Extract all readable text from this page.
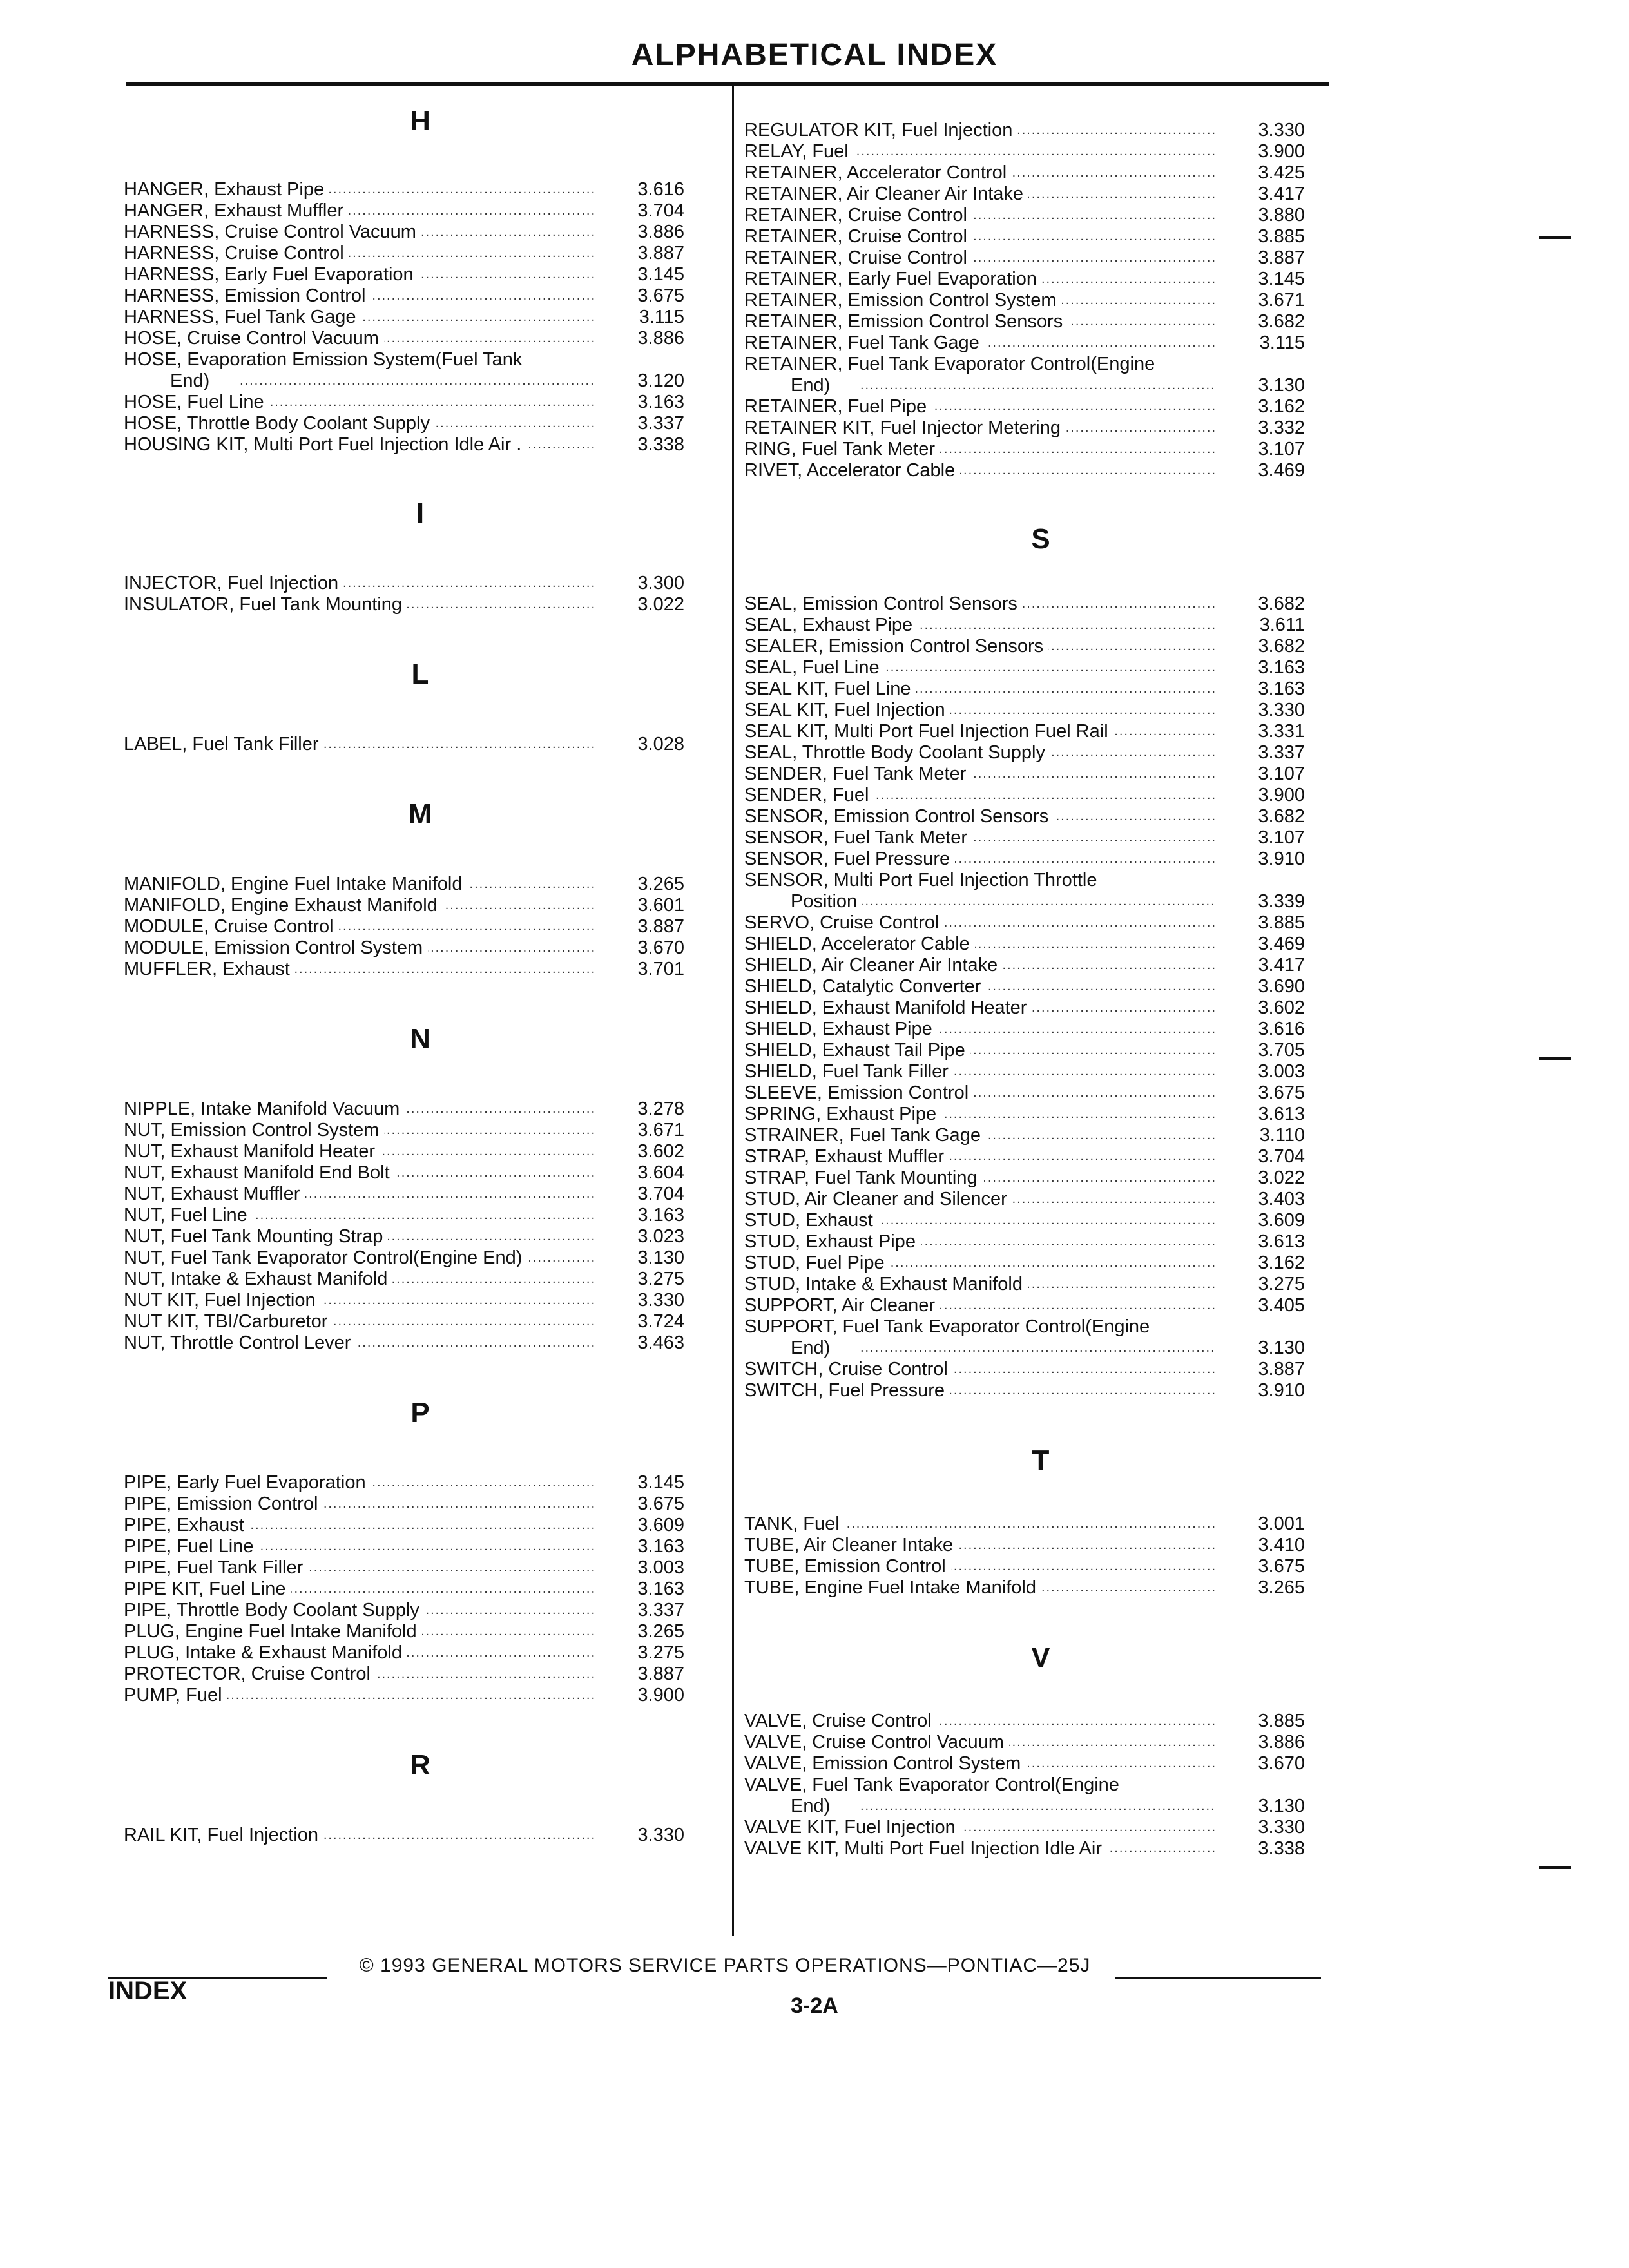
ALPHABETICAL INDEX
H
HANGER, Exhaust Pipe .....	3.616
HANGER, Exhaust Muffler .....	3.704
HARNESS, Cruise Control Vacuum .....	3.886
HARNESS, Cruise Control .....	3.887
HARNESS, Early Fuel Evaporation .....	3.145
HARNESS, Emission Control .....	3.675
HARNESS, Fuel Tank Gage .....	3.115
HOSE, Cruise Control Vacuum .....	3.886
HOSE, Evaporation Emission System(Fuel Tank
End) .....	3.120
HOSE, Fuel Line .....	3.163
HOSE, Throttle Body Coolant Supply .....	3.337
HOUSING KIT, Multi Port Fuel Injection Idle Air . .....	3.338
I
INJECTOR, Fuel Injection .....	3.300
INSULATOR, Fuel Tank Mounting .....	3.022
L
LABEL, Fuel Tank Filler .....	3.028
M
MANIFOLD, Engine Fuel Intake Manifold .....	3.265
MANIFOLD, Engine Exhaust Manifold .....	3.601
MODULE, Cruise Control .....	3.887
MODULE, Emission Control System .....	3.670
MUFFLER, Exhaust .....	3.701
N
NIPPLE, Intake Manifold Vacuum .....	3.278
NUT, Emission Control System .....	3.671
NUT, Exhaust Manifold Heater .....	3.602
NUT, Exhaust Manifold End Bolt .....	3.604
NUT, Exhaust Muffler .....	3.704
NUT, Fuel Line .....	3.163
NUT, Fuel Tank Mounting Strap .....	3.023
NUT, Fuel Tank Evaporator Control(Engine End) .....	3.130
NUT, Intake & Exhaust Manifold .....	3.275
NUT KIT, Fuel Injection .....	3.330
NUT KIT, TBI/Carburetor .....	3.724
NUT, Throttle Control Lever .....	3.463
P
PIPE, Early Fuel Evaporation .....	3.145
PIPE, Emission Control .....	3.675
PIPE, Exhaust .....	3.609
PIPE, Fuel Line .....	3.163
PIPE, Fuel Tank Filler .....	3.003
PIPE KIT, Fuel Line .....	3.163
PIPE, Throttle Body Coolant Supply .....	3.337
PLUG, Engine Fuel Intake Manifold .....	3.265
PLUG, Intake & Exhaust Manifold .....	3.275
PROTECTOR, Cruise Control .....	3.887
PUMP, Fuel .....	3.900
R
RAIL KIT, Fuel Injection .....	3.330
REGULATOR KIT, Fuel Injection .....	3.330
RELAY, Fuel .....	3.900
RETAINER, Accelerator Control .....	3.425
RETAINER, Air Cleaner Air Intake .....	3.417
RETAINER, Cruise Control .....	3.880
RETAINER, Cruise Control .....	3.885
RETAINER, Cruise Control .....	3.887
RETAINER, Early Fuel Evaporation .....	3.145
RETAINER, Emission Control System .....	3.671
RETAINER, Emission Control Sensors .....	3.682
RETAINER, Fuel Tank Gage .....	3.115
RETAINER, Fuel Tank Evaporator Control(Engine
End) .....	3.130
RETAINER, Fuel Pipe .....	3.162
RETAINER KIT, Fuel Injector Metering .....	3.332
RING, Fuel Tank Meter .....	3.107
RIVET, Accelerator Cable .....	3.469
S
SEAL, Emission Control Sensors .....	3.682
SEAL, Exhaust Pipe .....	3.611
SEALER, Emission Control Sensors .....	3.682
SEAL, Fuel Line .....	3.163
SEAL KIT, Fuel Line .....	3.163
SEAL KIT, Fuel Injection .....	3.330
SEAL KIT, Multi Port Fuel Injection Fuel Rail .....	3.331
SEAL, Throttle Body Coolant Supply .....	3.337
SENDER, Fuel Tank Meter .....	3.107
SENDER, Fuel .....	3.900
SENSOR, Emission Control Sensors .....	3.682
SENSOR, Fuel Tank Meter .....	3.107
SENSOR, Fuel Pressure .....	3.910
SENSOR, Multi Port Fuel Injection Throttle
Position .....	3.339
SERVO, Cruise Control .....	3.885
SHIELD, Accelerator Cable .....	3.469
SHIELD, Air Cleaner Air Intake .....	3.417
SHIELD, Catalytic Converter .....	3.690
SHIELD, Exhaust Manifold Heater .....	3.602
SHIELD, Exhaust Pipe .....	3.616
SHIELD, Exhaust Tail Pipe .....	3.705
SHIELD, Fuel Tank Filler .....	3.003
SLEEVE, Emission Control .....	3.675
SPRING, Exhaust Pipe .....	3.613
STRAINER, Fuel Tank Gage .....	3.110
STRAP, Exhaust Muffler .....	3.704
STRAP, Fuel Tank Mounting .....	3.022
STUD, Air Cleaner and Silencer .....	3.403
STUD, Exhaust .....	3.609
STUD, Exhaust Pipe .....	3.613
STUD, Fuel Pipe .....	3.162
STUD, Intake & Exhaust Manifold .....	3.275
SUPPORT, Air Cleaner .....	3.405
SUPPORT, Fuel Tank Evaporator Control(Engine
End) .....	3.130
SWITCH, Cruise Control .....	3.887
SWITCH, Fuel Pressure .....	3.910
T
TANK, Fuel .....	3.001
TUBE, Air Cleaner Intake .....	3.410
TUBE, Emission Control .....	3.675
TUBE, Engine Fuel Intake Manifold .....	3.265
V
VALVE, Cruise Control .....	3.885
VALVE, Cruise Control Vacuum .....	3.886
VALVE, Emission Control System .....	3.670
VALVE, Fuel Tank Evaporator Control(Engine
End) .....	3.130
VALVE KIT, Fuel Injection .....	3.330
VALVE KIT, Multi Port Fuel Injection Idle Air .....	3.338
© 1993 GENERAL MOTORS SERVICE PARTS OPERATIONS—PONTIAC—25J
INDEX
3-2A
